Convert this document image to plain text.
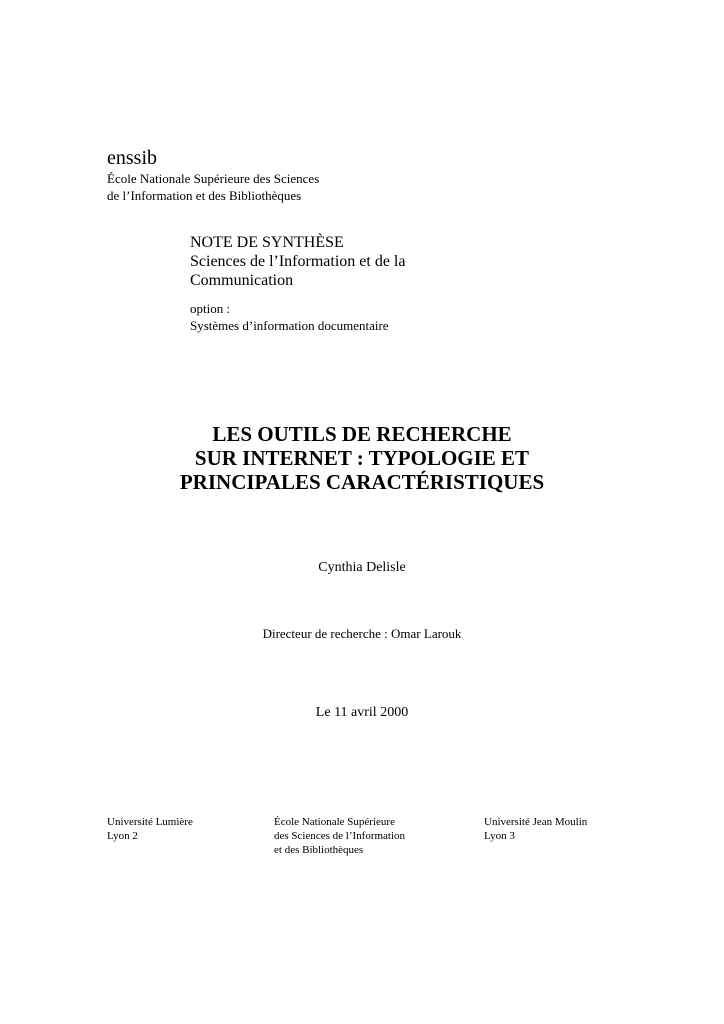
enssib
École Nationale Supérieure des Sciences
de l’Information et des Bibliothèques
NOTE DE SYNTHÈSE
Sciences de l’Information et de la
Communication
option :
Systèmes d’information documentaire
LES OUTILS DE RECHERCHE
SUR INTERNET : TYPOLOGIE ET
PRINCIPALES CARACTÉRISTIQUES
Cynthia Delisle
Directeur de recherche : Omar Larouk
Le 11 avril 2000
Université Lumière
Lyon 2
École Nationale Supérieure
des Sciences de l’Information
et des Bibliothèques
Université Jean Moulin
Lyon 3
